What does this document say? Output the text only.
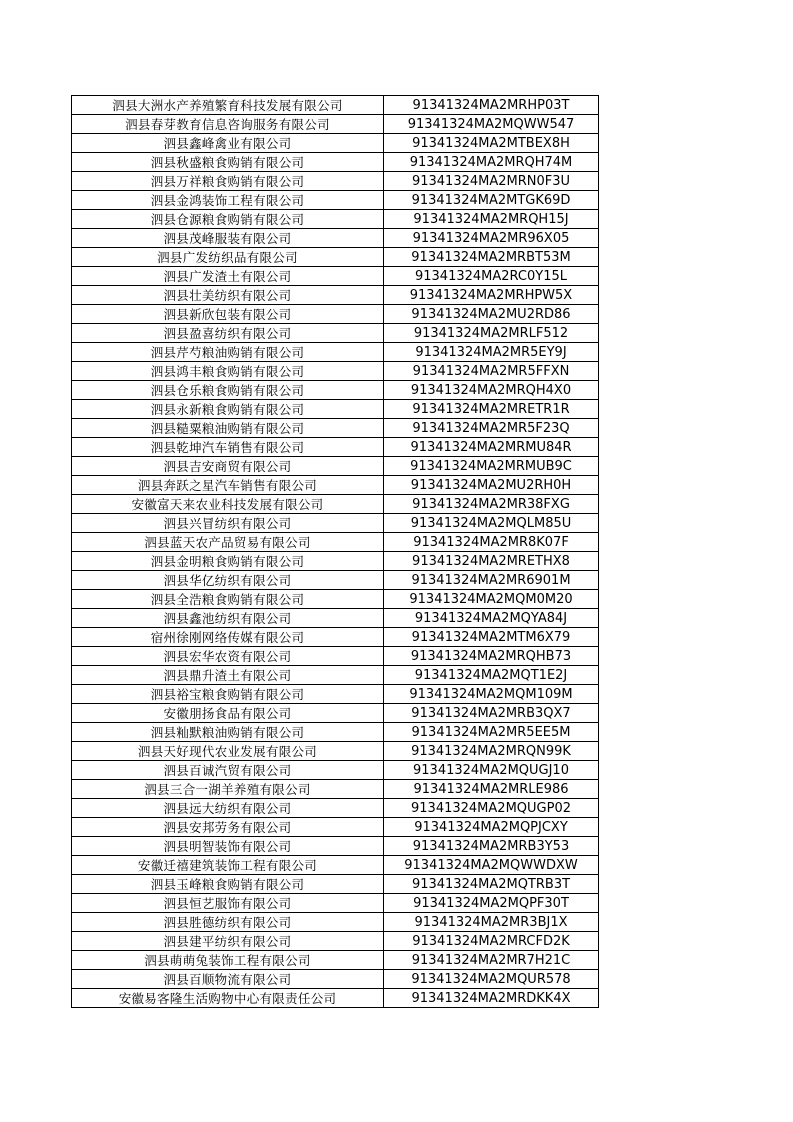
泗县大洲水产养殖繁育科技发展有限公司	91341324MA2MRHP03T
泗县春芽教育信息咨询服务有限公司	91341324MA2MQWW547
泗县鑫峰禽业有限公司	91341324MA2MTBEX8H
泗县秋盛粮食购销有限公司	91341324MA2MRQH74M
泗县万祥粮食购销有限公司	91341324MA2MRN0F3U
泗县金鸿装饰工程有限公司	91341324MA2MTGK69D
泗县仓源粮食购销有限公司	91341324MA2MRQH15J
泗县茂峰服装有限公司	91341324MA2MR96X05
泗县广发纺织品有限公司	91341324MA2MRBT53M
泗县广发渣土有限公司	91341324MA2RC0Y15L
泗县壮美纺织有限公司	91341324MA2MRHPW5X
泗县新欣包装有限公司	91341324MA2MU2RD86
泗县盈喜纺织有限公司	91341324MA2MRLF512
泗县芹芍粮油购销有限公司	91341324MA2MR5EY9J
泗县鸿丰粮食购销有限公司	91341324MA2MR5FFXN
泗县仓乐粮食购销有限公司	91341324MA2MRQH4X0
泗县永新粮食购销有限公司	91341324MA2MRETR1R
泗县糙粟粮油购销有限公司	91341324MA2MR5F23Q
泗县乾坤汽车销售有限公司	91341324MA2MRMU84R
泗县吉安商贸有限公司	91341324MA2MRMUB9C
泗县奔跃之星汽车销售有限公司	91341324MA2MU2RH0H
安徽富天来农业科技发展有限公司	91341324MA2MR38FXG
泗县兴冒纺织有限公司	91341324MA2MQLM85U
泗县蓝天农产品贸易有限公司	91341324MA2MR8K07F
泗县金明粮食购销有限公司	91341324MA2MRETHX8
泗县华亿纺织有限公司	91341324MA2MR6901M
泗县全浩粮食购销有限公司	91341324MA2MQM0M20
泗县鑫池纺织有限公司	91341324MA2MQYA84J
宿州徐刚网络传媒有限公司	91341324MA2MTM6X79
泗县宏华农资有限公司	91341324MA2MRQHB73
泗县鼎升渣土有限公司	91341324MA2MQT1E2J
泗县裕宝粮食购销有限公司	91341324MA2MQM109M
安徽朋扬食品有限公司	91341324MA2MRB3QX7
泗县籼默粮油购销有限公司	91341324MA2MR5EE5M
泗县天好现代农业发展有限公司	91341324MA2MRQN99K
泗县百诚汽贸有限公司	91341324MA2MQUGJ10
泗县三合一湖羊养殖有限公司	91341324MA2MRLE986
泗县远大纺织有限公司	91341324MA2MQUGP02
泗县安邦劳务有限公司	91341324MA2MQPJCXY
泗县明智装饰有限公司	91341324MA2MRB3Y53
安徽迁禧建筑装饰工程有限公司	91341324MA2MQWWDXW
泗县玉峰粮食购销有限公司	91341324MA2MQTRB3T
泗县恒艺服饰有限公司	91341324MA2MQPF30T
泗县胜德纺织有限公司	91341324MA2MR3BJ1X
泗县建平纺织有限公司	91341324MA2MRCFD2K
泗县萌萌兔装饰工程有限公司	91341324MA2MR7H21C
泗县百顺物流有限公司	91341324MA2MQUR578
安徽易客隆生活购物中心有限责任公司	91341324MA2MRDKK4X
